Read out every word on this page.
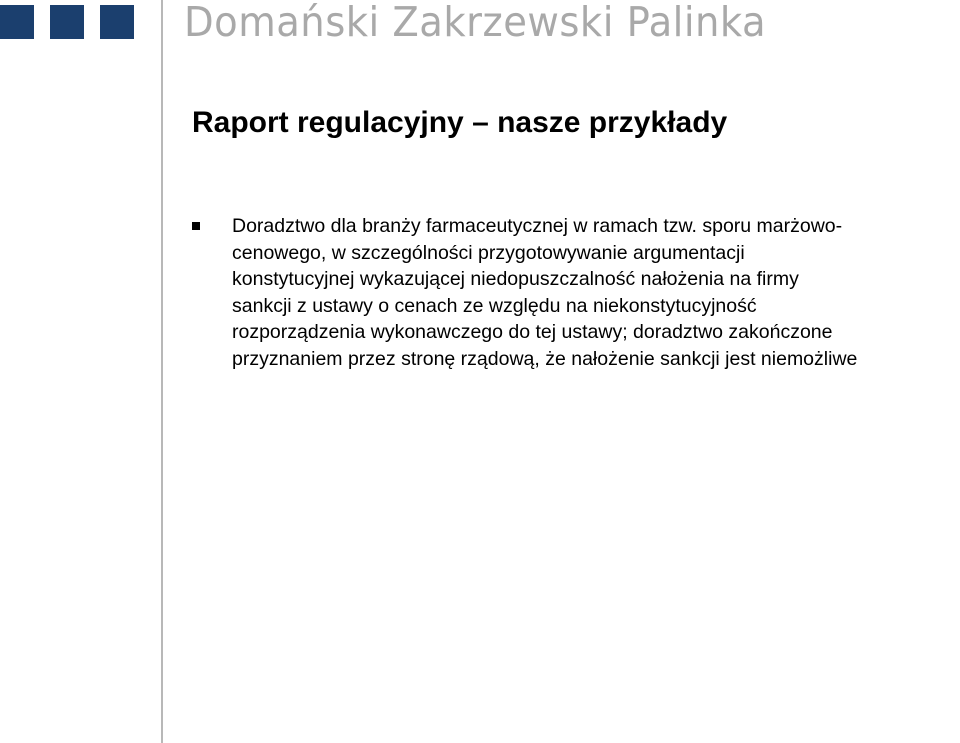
Domański Zakrzewski Palinka
Raport regulacyjny – nasze przykłady
Doradztwo dla branży farmaceutycznej w ramach tzw. sporu marżowo-
cenowego, w szczególności przygotowywanie argumentacji
konstytucyjnej wykazującej niedopuszczalność nałożenia na firmy
sankcji z ustawy o cenach ze względu na niekonstytucyjność
rozporządzenia wykonawczego do tej ustawy; doradztwo zakończone
przyznaniem przez stronę rządową, że nałożenie sankcji jest niemożliwe
